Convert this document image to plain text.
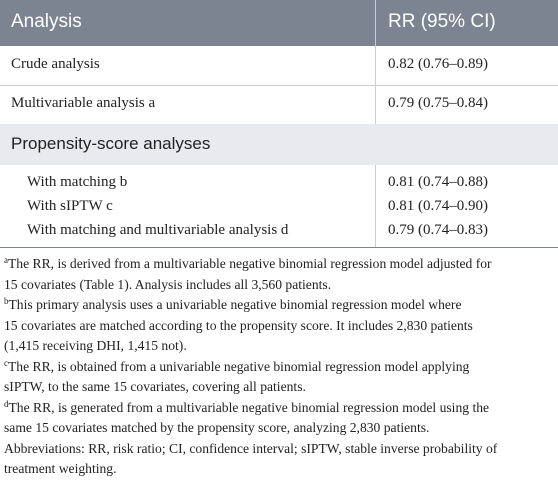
Analysis	RR (95% CI)
Crude analysis	0.82 (0.76–0.89)
Multivariable analysis a	0.79 (0.75–0.84)
Propensity-score analyses
With matching b	0.81 (0.74–0.88)
With sIPTW c	0.81 (0.74–0.90)
With matching and multivariable analysis d	0.79 (0.74–0.83)

$^a$The RR, is derived from a multivariable negative binomial regression model adjusted for
15 covariates (Table 1). Analysis includes all 3,560 patients.

$^b$This primary analysis uses a univariable negative binomial regression model where
15 covariates are matched according to the propensity score. It includes 2,830 patients
(1,415 receiving DHI, 1,415 not).

$^c$The RR, is obtained from a univariable negative binomial regression model applying
sIPTW, to the same 15 covariates, covering all patients.

$^d$The RR, is generated from a multivariable negative binomial regression model using the
same 15 covariates matched by the propensity score, analyzing 2,830 patients.

Abbreviations: RR, risk ratio; CI, confidence interval; sIPTW, stable inverse probability of
treatment weighting.
